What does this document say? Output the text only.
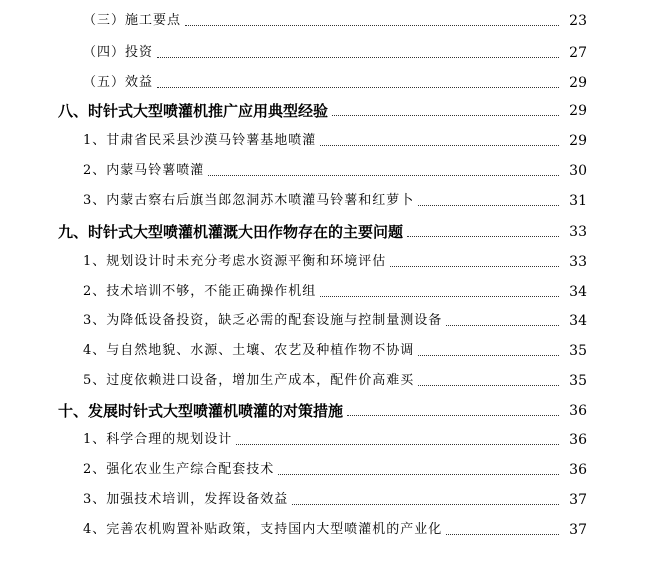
（三）施工要点	23
（四）投资	27
（五）效益	29
八、时针式大型喷灌机推广应用典型经验	29
1、甘肃省民采县沙漠马铃薯基地喷灌	29
2、内蒙马铃薯喷灌	30
3、内蒙古察右后旗当郎忽洞苏木喷灌马铃薯和红萝卜	31
九、时针式大型喷灌机灌溉大田作物存在的主要问题	33
1、规划设计时未充分考虑水资源平衡和环境评估	33
2、技术培训不够，不能正确操作机组	34
3、为降低设备投资，缺乏必需的配套设施与控制量测设备	34
4、与自然地貌、水源、土壤、农艺及种植作物不协调	35
5、过度依赖进口设备，增加生产成本，配件价高难买	35
十、发展时针式大型喷灌机喷灌的对策措施	36
1、科学合理的规划设计	36
2、强化农业生产综合配套技术	36
3、加强技术培训，发挥设备效益	37
4、完善农机购置补贴政策，支持国内大型喷灌机的产业化	37
